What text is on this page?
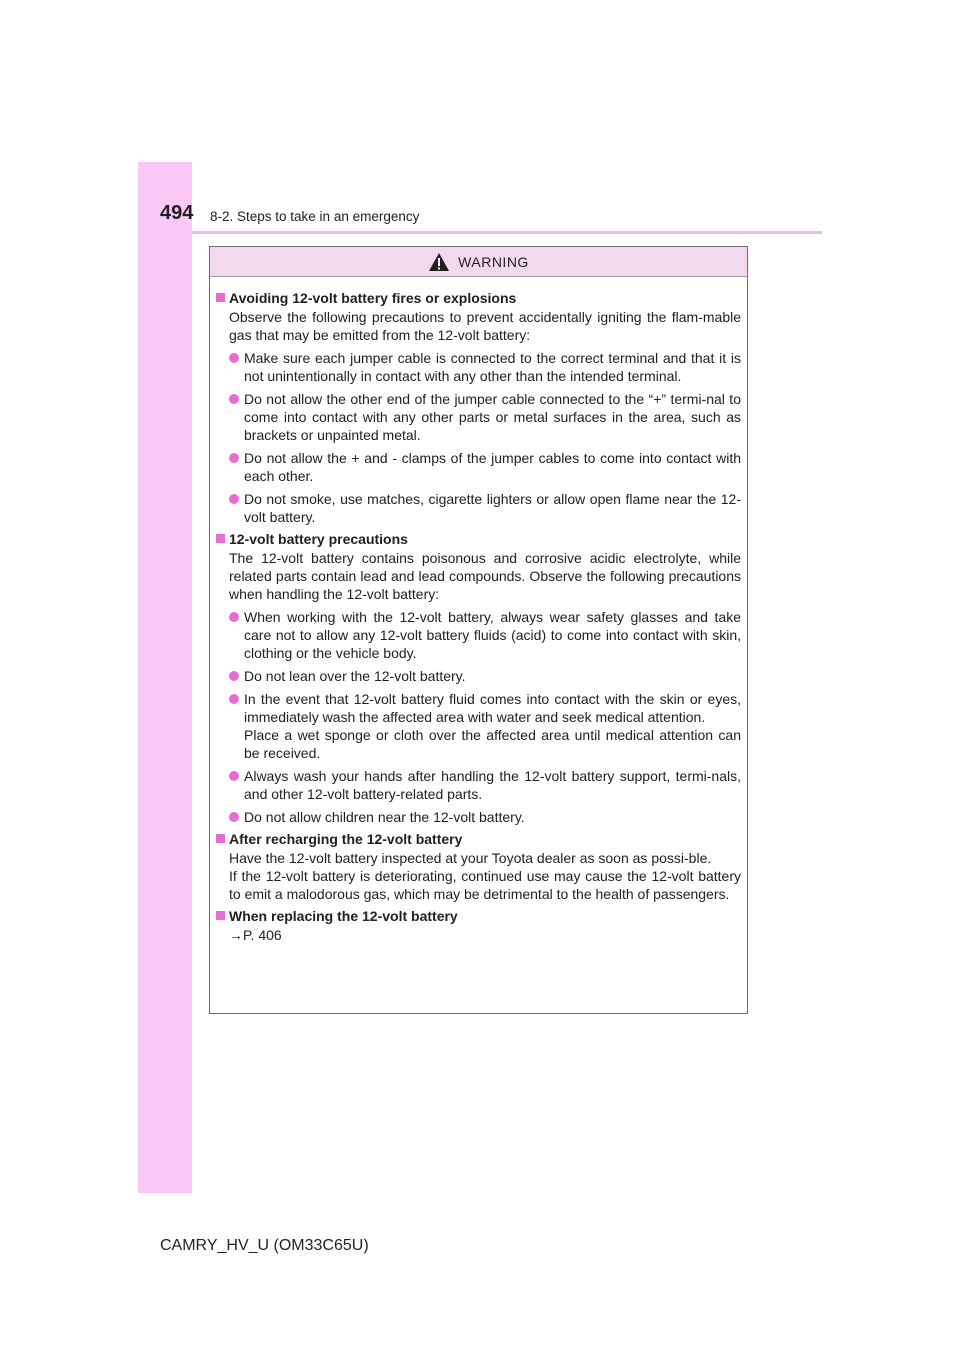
494 8-2. Steps to take in an emergency
WARNING
Avoiding 12-volt battery fires or explosions
Observe the following precautions to prevent accidentally igniting the flam-mable gas that may be emitted from the 12-volt battery:
Make sure each jumper cable is connected to the correct terminal and that it is not unintentionally in contact with any other than the intended terminal.
Do not allow the other end of the jumper cable connected to the “+” termi-nal to come into contact with any other parts or metal surfaces in the area, such as brackets or unpainted metal.
Do not allow the + and - clamps of the jumper cables to come into contact with each other.
Do not smoke, use matches, cigarette lighters or allow open flame near the 12-volt battery.
12-volt battery precautions
The 12-volt battery contains poisonous and corrosive acidic electrolyte, while related parts contain lead and lead compounds. Observe the following precautions when handling the 12-volt battery:
When working with the 12-volt battery, always wear safety glasses and take care not to allow any 12-volt battery fluids (acid) to come into contact with skin, clothing or the vehicle body.
Do not lean over the 12-volt battery.
In the event that 12-volt battery fluid comes into contact with the skin or eyes, immediately wash the affected area with water and seek medical attention.
Place a wet sponge or cloth over the affected area until medical attention can be received.
Always wash your hands after handling the 12-volt battery support, termi-nals, and other 12-volt battery-related parts.
Do not allow children near the 12-volt battery.
After recharging the 12-volt battery
Have the 12-volt battery inspected at your Toyota dealer as soon as possi-ble.
If the 12-volt battery is deteriorating, continued use may cause the 12-volt battery to emit a malodorous gas, which may be detrimental to the health of passengers.
When replacing the 12-volt battery
→P. 406
CAMRY_HV_U (OM33C65U)
